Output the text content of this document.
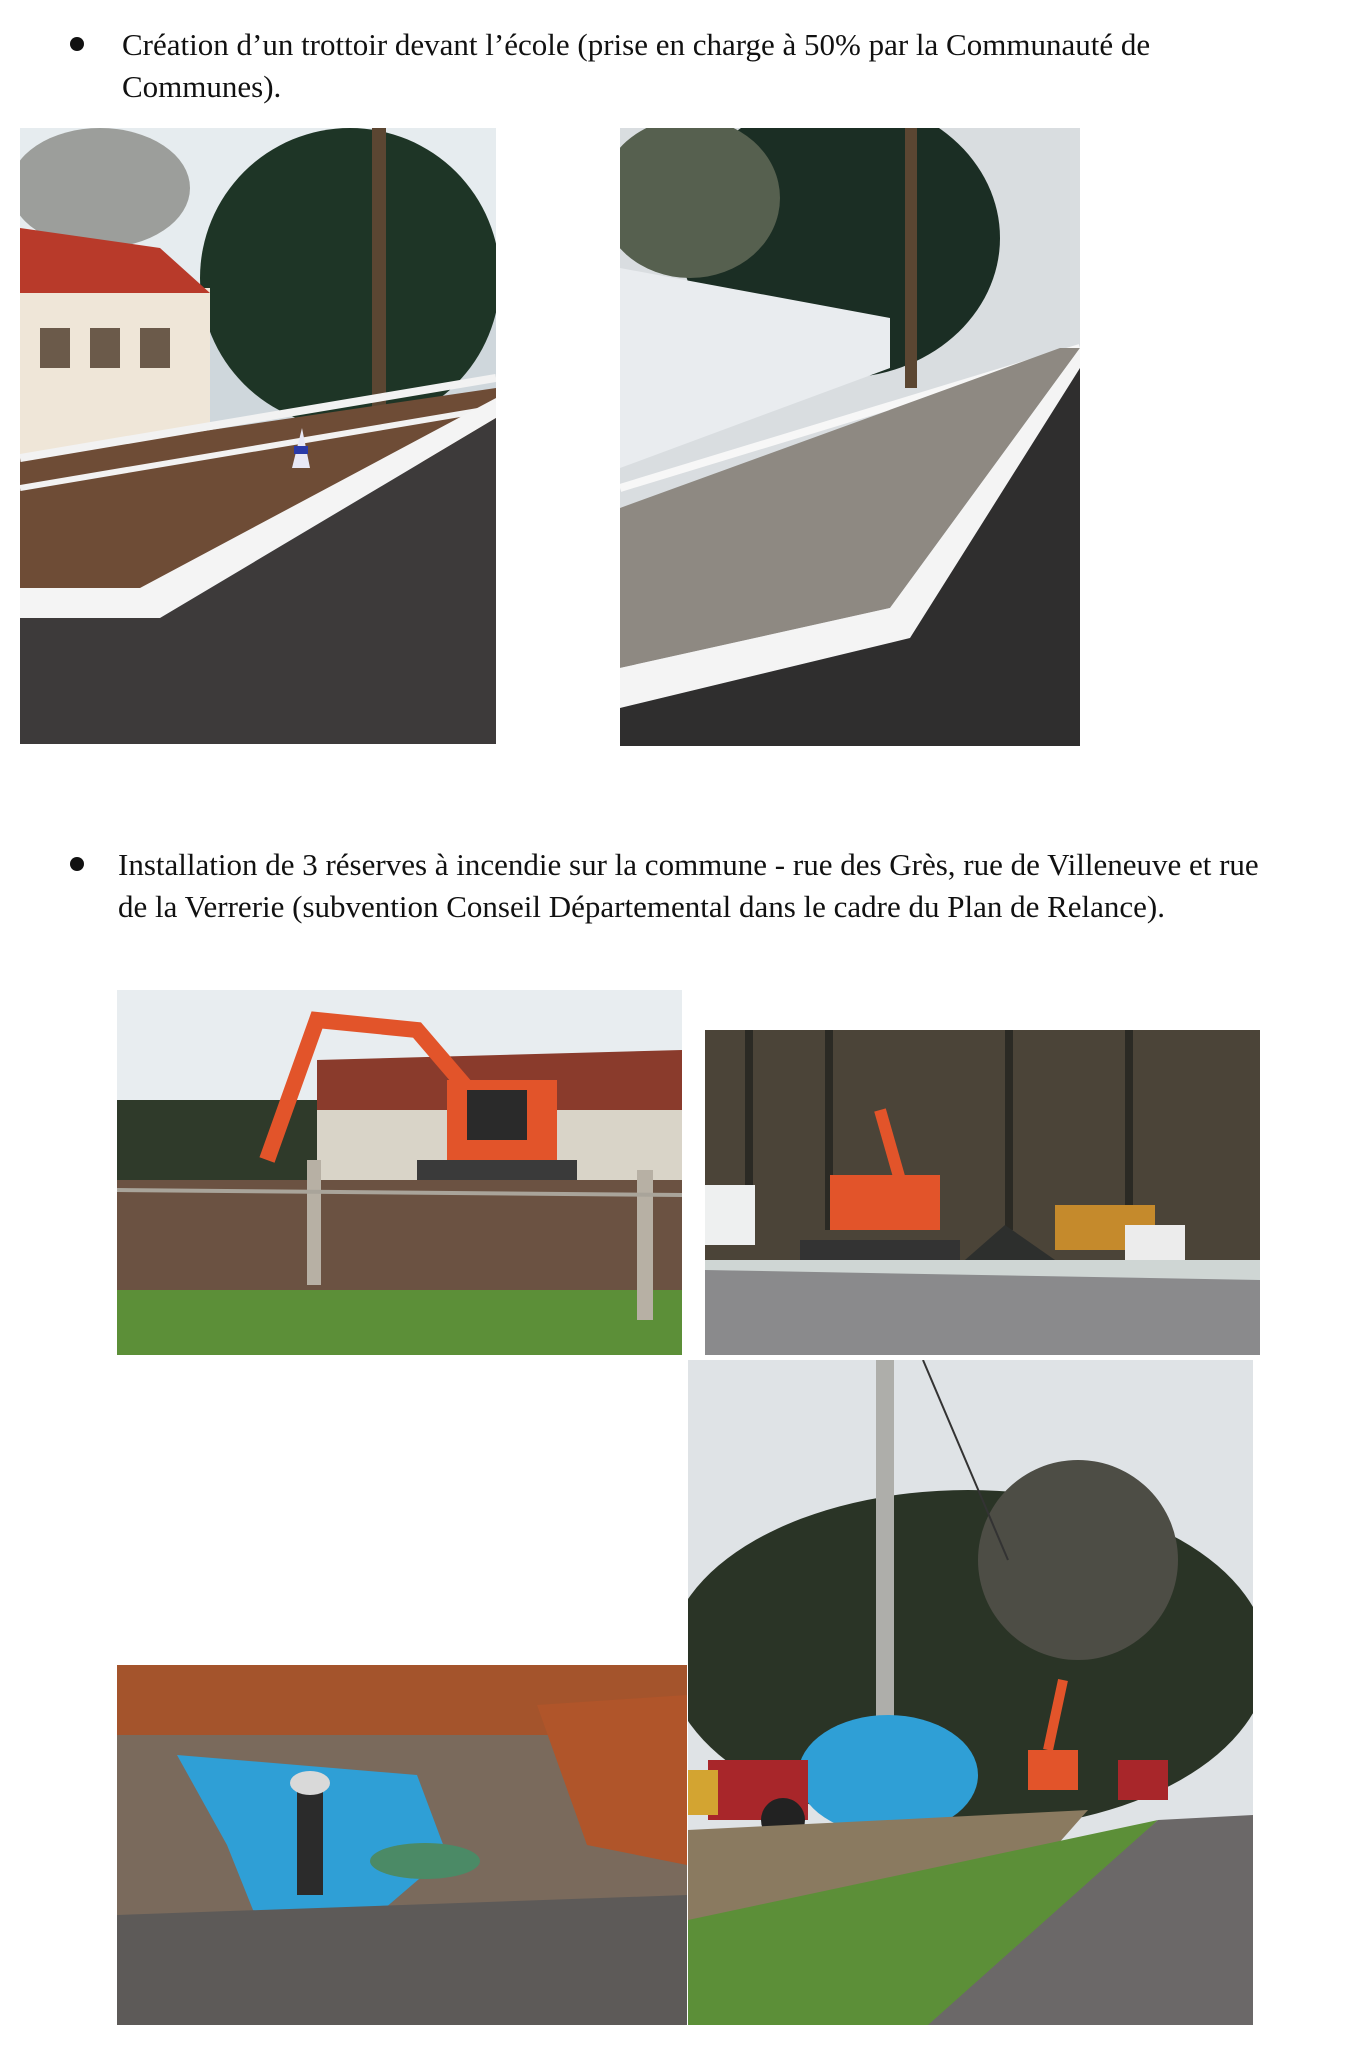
Création d’un trottoir devant l’école (prise en charge à 50% par la Communauté de Communes).
Installation de 3 réserves à incendie sur la commune - rue des Grès, rue de Villeneuve et rue de la Verrerie (subvention Conseil Départemental dans le cadre du Plan de Relance).
